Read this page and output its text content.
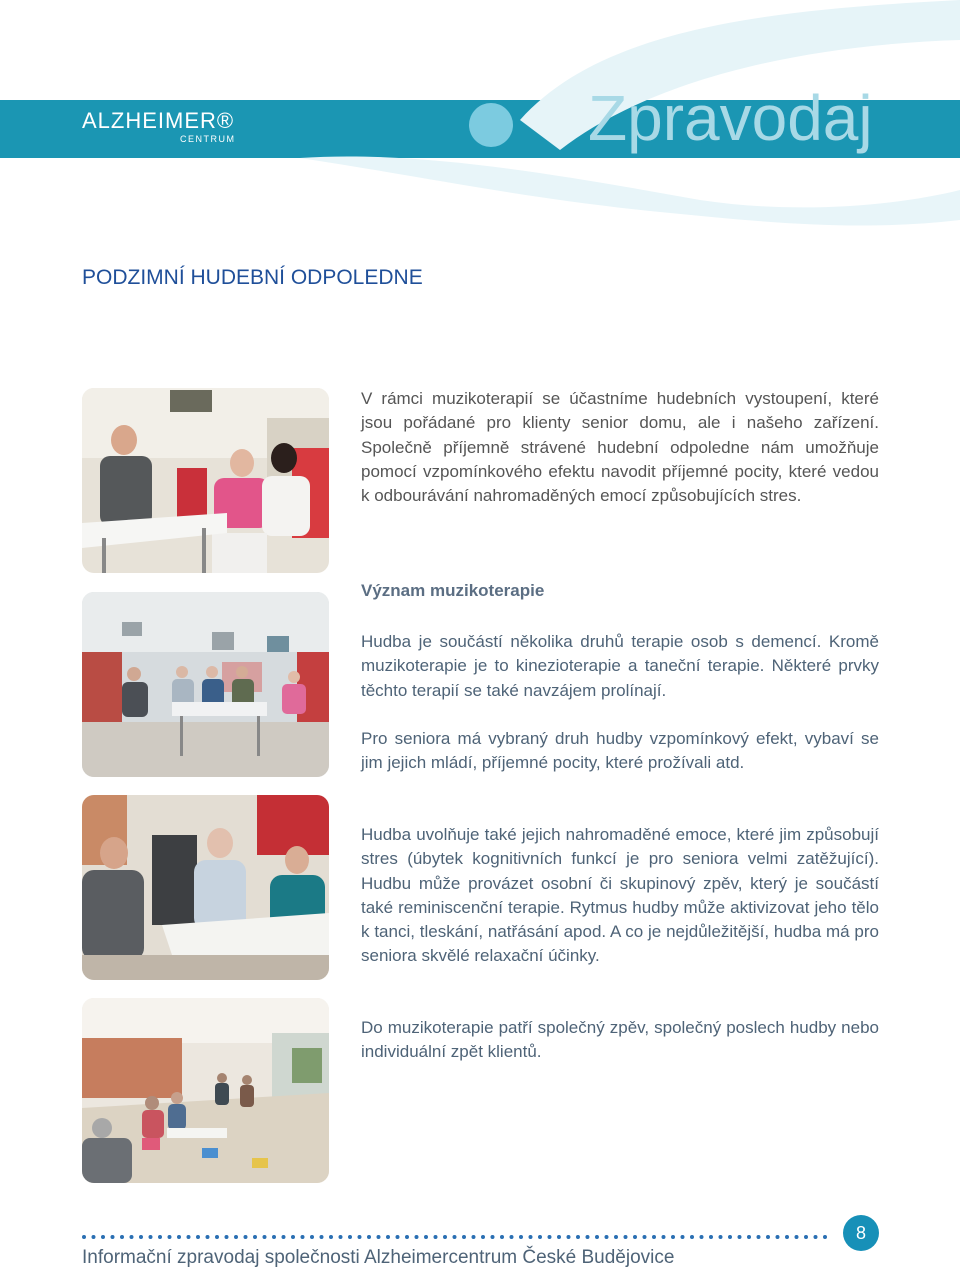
ALZHEIMER®
CENTRUM	Zpravodaj
PODZIMNÍ HUDEBNÍ ODPOLEDNE

V rámci muzikoterapií se účastníme hudebních vystoupení, které jsou pořádané pro klienty senior domu, ale i našeho zařízení. Společně příjemně strávené hudební odpoledne nám umožňuje pomocí vzpomínkového efektu navodit příjemné pocity, které vedou k odbourávání nahromaděných emocí způsobujících stres.

Význam muzikoterapie

Hudba je součástí několika druhů terapie osob s demencí. Kromě muzikoterapie je to kinezioterapie a taneční terapie. Některé prvky těchto terapií se také navzájem prolínají.

Pro seniora má vybraný druh hudby vzpomínkový efekt, vybaví se jim jejich mládí, příjemné pocity, které prožívali atd.

Hudba uvolňuje také jejich nahromaděné emoce, které jim způsobují stres (úbytek kognitivních funkcí je pro seniora velmi zatěžující). Hudbu může provázet osobní či skupinový zpěv, který je součástí také reminiscenční terapie. Rytmus hudby může aktivizovat jeho tělo k tanci, tleskání, natřásání apod. A co je nejdůležitější, hudba má pro seniora skvělé relaxační účinky.

Do muzikoterapie patří společný zpěv, společný poslech hudby nebo individuální zpět klientů.

8

Informační zpravodaj společnosti Alzheimercentrum České Budějovice
